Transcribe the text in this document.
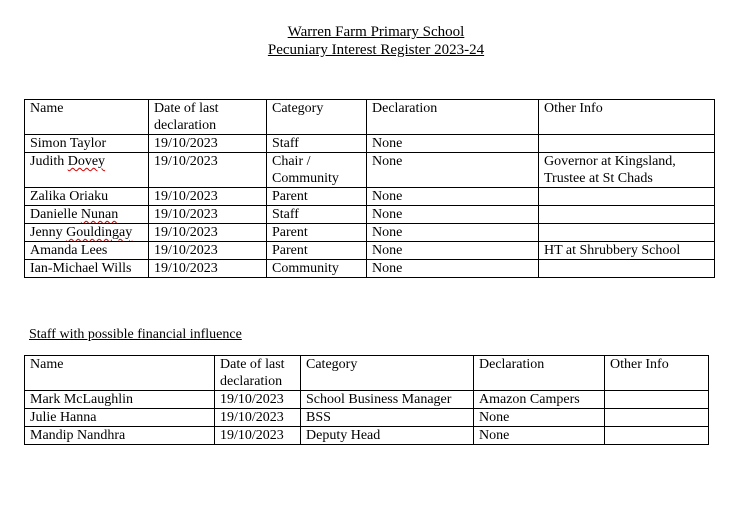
Warren Farm Primary School
Pecuniary Interest Register 2023-24
Name	Date of last declaration	Category	Declaration	Other Info
Simon Taylor	19/10/2023	Staff	None	
Judith Dovey	19/10/2023	Chair / Community	None	Governor at Kingsland, Trustee at St Chads
Zalika Oriaku	19/10/2023	Parent	None	
Danielle Nunan	19/10/2023	Staff	None	
Jenny Gouldingay	19/10/2023	Parent	None	
Amanda Lees	19/10/2023	Parent	None	HT at Shrubbery School
Ian-Michael Wills	19/10/2023	Community	None	
Staff with possible financial influence
Name	Date of last declaration	Category	Declaration	Other Info
Mark McLaughlin	19/10/2023	School Business Manager	Amazon Campers	
Julie Hanna	19/10/2023	BSS	None	
Mandip Nandhra	19/10/2023	Deputy Head	None	
